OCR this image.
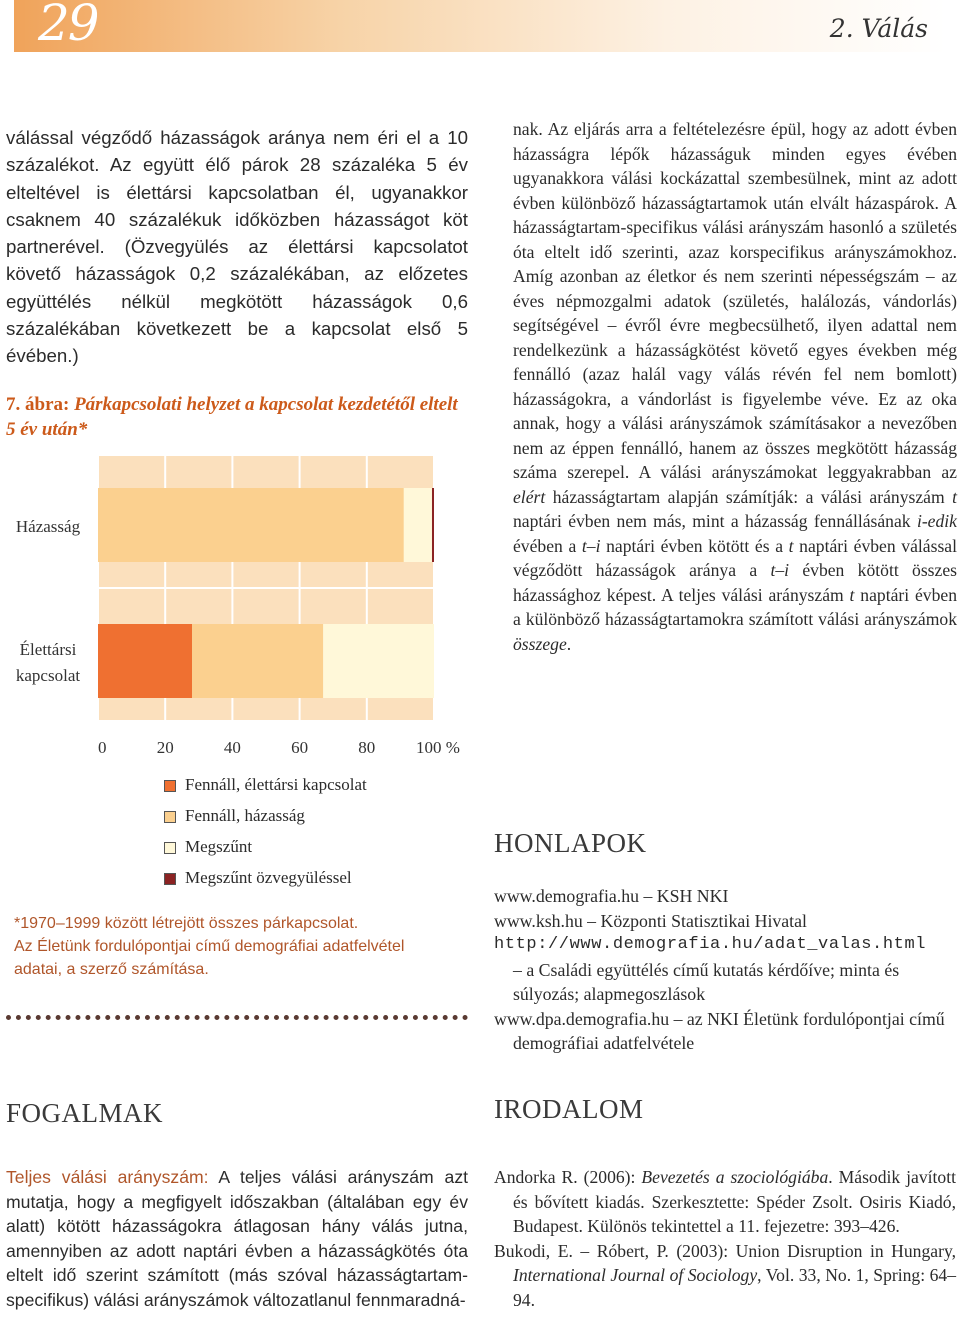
29	2. Válás
válással végződő házasságok aránya nem éri el a 10 százalékot. Az együtt élő párok 28 százaléka 5 év elteltével is élettársi kapcsolatban él, ugyanakkor csaknem 40 százalékuk időközben házasságot köt partnerével. (Özvegyülés az élettársi kapcsolatot követő házasságok 0,2 százalékában, az előzetes együttélés nélkül megkötött házasságok 0,6 százalékában következett be a kapcsolat első 5 évében.)
7. ábra: Párkapcsolati helyzet a kapcsolat kezdetétől eltelt 5 év után*
Házasság
Élettársi
kapcsolat
0	20	40	60	80 100 %
Fennáll, élettársi kapcsolat
Fennáll, házasság
Megszűnt
Megszűnt özvegyüléssel

*1970–1999 között létrejött összes párkapcsolat.

Az Életünk fordulópontjai című demográfiai adatfelvétel adatai, a szerző számítása.

FOGALMAK
Teljes válási arányszám: A teljes válási arányszám azt mutatja, hogy a megfigyelt időszakban (általában egy év alatt) kötött házasságokra átlagosan hány válás jutna, amennyiben az adott naptári évben a házasságkötés óta eltelt idő szerint számított (más szóval házasságtartam-specifikus) válási arányszámok változatlanul fennmaradná-
nak. Az eljárás arra a feltételezésre épül, hogy az adott évben házasságra lépők házasságuk minden egyes évében ugyanakkora válási kockázattal szembesülnek, mint az adott évben különböző házasságtartamok után elvált házaspárok. A házasságtartam-specifikus válási arányszám hasonló a születés óta eltelt idő szerinti, azaz korspecifikus arányszámokhoz. Amíg azonban az életkor és nem szerinti népességszám – az éves népmozgalmi adatok (születés, halálozás, vándorlás) segítségével – évről évre megbecsülhető, ilyen adattal nem rendelkezünk a házasságkötést követő egyes években még fennálló (azaz halál vagy válás révén fel nem bomlott) házasságokra, a vándorlást is figyelembe véve. Ez az oka annak, hogy a válási arányszámok számításakor a nevezőben nem az éppen fennálló, hanem az összes megkötött házasság száma szerepel. A válási arányszámokat leggyakrabban az elért házasságtartam alapján számítják: a válási arányszám t naptári évben nem más, mint a házasság fennállásának i-edik évében a t–i naptári évben kötött és a t naptári évben válással végződött házasságok aránya a t–i évben kötött összes házassághoz képest. A teljes válási arányszám t naptári évben a különböző házasságtartamokra számított válási arányszámok összege.
HONLAPOK

www.demografia.hu – KSH NKI

www.ksh.hu – Központi Statisztikai Hivatal

http://www.demografia.hu/adat_valas.html

– a Családi együttélés című kutatás kérdőíve; minta és súlyozás; alapmegoszlások

www.dpa.demografia.hu – az NKI Életünk fordulópontjai című demográfiai adatfelvétele

IRODALOM

Andorka R. (2006): Bevezetés a szociológiába. Második javított és bővített kiadás. Szerkesztette: Spéder Zsolt. Osiris Kiadó, Budapest. Különös tekintettel a 11. fejezetre: 393–426.

Bukodi, E. – Róbert, P. (2003): Union Disruption in Hungary, International Journal of Sociology, Vol. 33, No. 1, Spring: 64–94.
